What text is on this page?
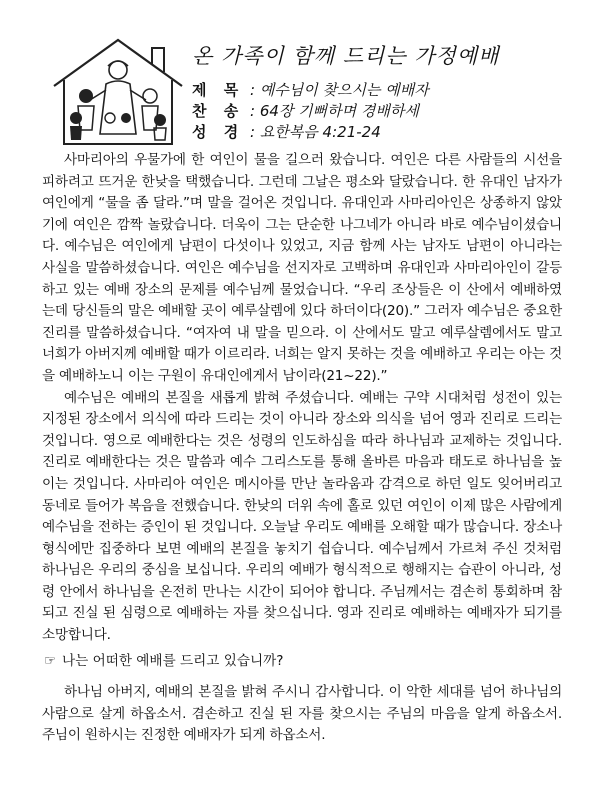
온 가족이 함께 드리는 가정예배
제 목 : 예수님이 찾으시는 예배자
찬 송 : 64장 기뻐하며 경배하세
성 경 : 요한복음 4:21-24

사마리아의 우물가에 한 여인이 물을 길으러 왔습니다. 여인은 다른 사람들의 시선을 피하려고 뜨거운 한낮을 택했습니다. 그런데 그날은 평소와 달랐습니다. 한 유대인 남자가 여인에게 “물을 좀 달라.”며 말을 걸어온 것입니다. 유대인과 사마리아인은 상종하지 않았기에 여인은 깜짝 놀랐습니다. 더욱이 그는 단순한 나그네가 아니라 바로 예수님이셨습니다. 예수님은 여인에게 남편이 다섯이나 있었고, 지금 함께 사는 남자도 남편이 아니라는 사실을 말씀하셨습니다. 여인은 예수님을 선지자로 고백하며 유대인과 사마리아인이 갈등하고 있는 예배 장소의 문제를 예수님께 물었습니다. “우리 조상들은 이 산에서 예배하였는데 당신들의 말은 예배할 곳이 예루살렘에 있다 하더이다(20).” 그러자 예수님은 중요한 진리를 말씀하셨습니다. “여자여 내 말을 믿으라. 이 산에서도 말고 예루살렘에서도 말고 너희가 아버지께 예배할 때가 이르리라. 너희는 알지 못하는 것을 예배하고 우리는 아는 것을 예배하노니 이는 구원이 유대인에게서 남이라(21~22).”

예수님은 예배의 본질을 새롭게 밝혀 주셨습니다. 예배는 구약 시대처럼 성전이 있는 지정된 장소에서 의식에 따라 드리는 것이 아니라 장소와 의식을 넘어 영과 진리로 드리는 것입니다. 영으로 예배한다는 것은 성령의 인도하심을 따라 하나님과 교제하는 것입니다. 진리로 예배한다는 것은 말씀과 예수 그리스도를 통해 올바른 마음과 태도로 하나님을 높이는 것입니다. 사마리아 여인은 메시아를 만난 놀라움과 감격으로 하던 일도 잊어버리고 동네로 들어가 복음을 전했습니다. 한낮의 더위 속에 홀로 있던 여인이 이제 많은 사람에게 예수님을 전하는 증인이 된 것입니다. 오늘날 우리도 예배를 오해할 때가 많습니다. 장소나 형식에만 집중하다 보면 예배의 본질을 놓치기 쉽습니다. 예수님께서 가르쳐 주신 것처럼 하나님은 우리의 중심을 보십니다. 우리의 예배가 형식적으로 행해지는 습관이 아니라, 성령 안에서 하나님을 온전히 만나는 시간이 되어야 합니다. 주님께서는 겸손히 통회하며 참되고 진실 된 심령으로 예배하는 자를 찾으십니다. 영과 진리로 예배하는 예배자가 되기를 소망합니다.

☞ 나는 어떠한 예배를 드리고 있습니까?

하나님 아버지, 예배의 본질을 밝혀 주시니 감사합니다. 이 악한 세대를 넘어 하나님의 사람으로 살게 하옵소서. 겸손하고 진실 된 자를 찾으시는 주님의 마음을 알게 하옵소서. 주님이 원하시는 진정한 예배자가 되게 하옵소서.
